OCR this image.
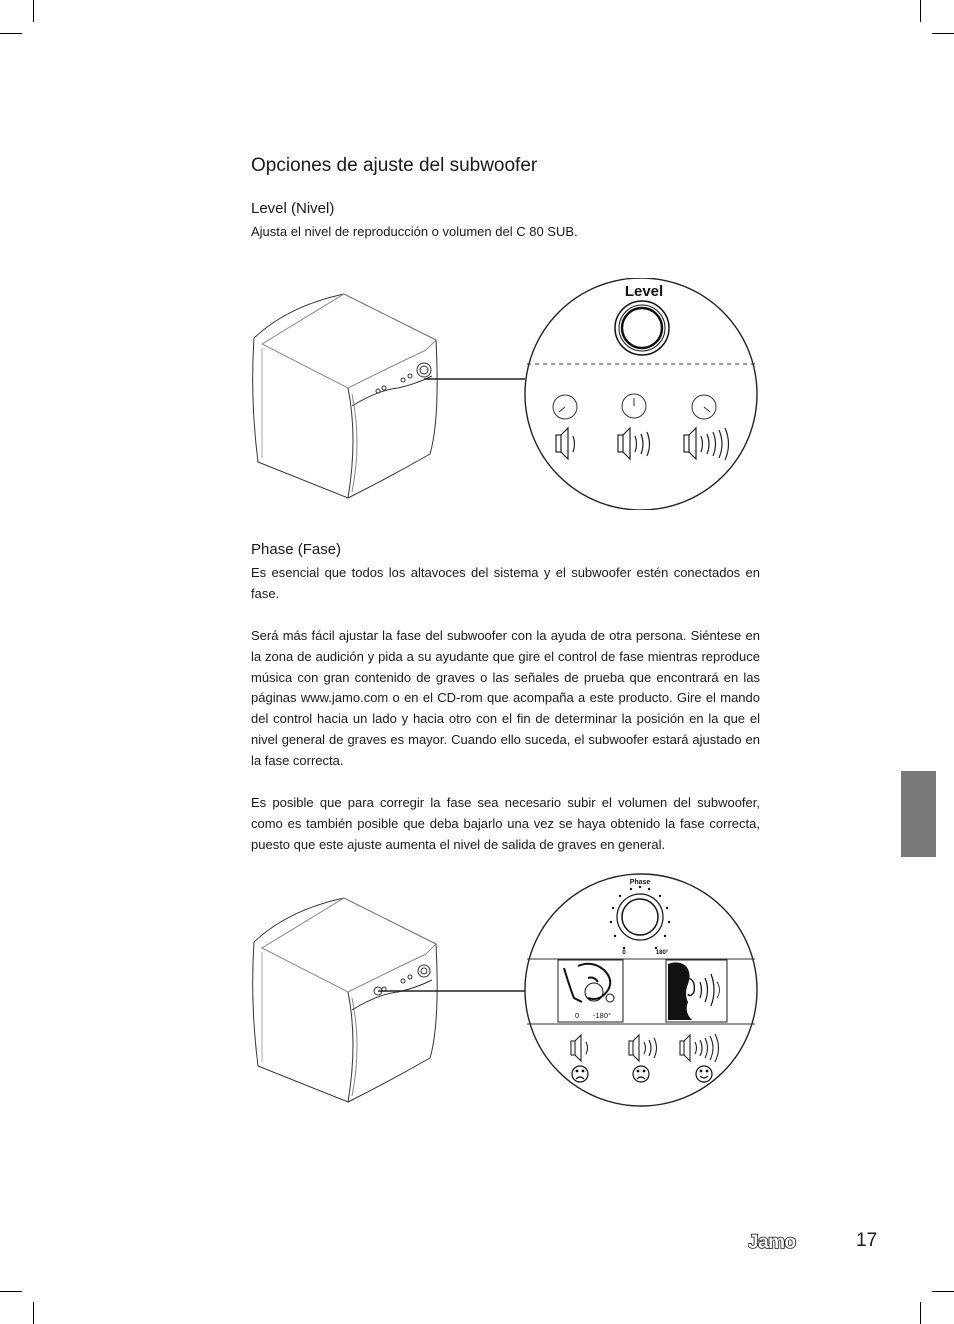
Opciones de ajuste del subwoofer
Level (Nivel)

Ajusta el nivel de reproducción o volumen del C 80 SUB.

Level
Phase (Fase)

Es esencial que todos los altavoces del sistema y el subwoofer estén conectados en fase.

Será más fácil ajustar la fase del subwoofer con la ayuda de otra persona. Siéntese en la zona de audición y pida a su ayudante que gire el control de fase mientras reproduce música con gran contenido de graves o las señales de prueba que encontrará en las páginas www.jamo.com o en el CD-rom que acompaña a este producto. Gire el mando del control hacia un lado y hacia otro con el fin de determinar la posición en la que el nivel general de graves es mayor. Cuando ello suceda, el subwoofer estará ajustado en la fase correcta.

Es posible que para corregir la fase sea necesario subir el volumen del subwoofer, como es también posible que deba bajarlo una vez se haya obtenido la fase correcta, puesto que este ajuste aumenta el nivel de salida de graves en general.

Phase
0	180°
0 -180°
Jamo	17
